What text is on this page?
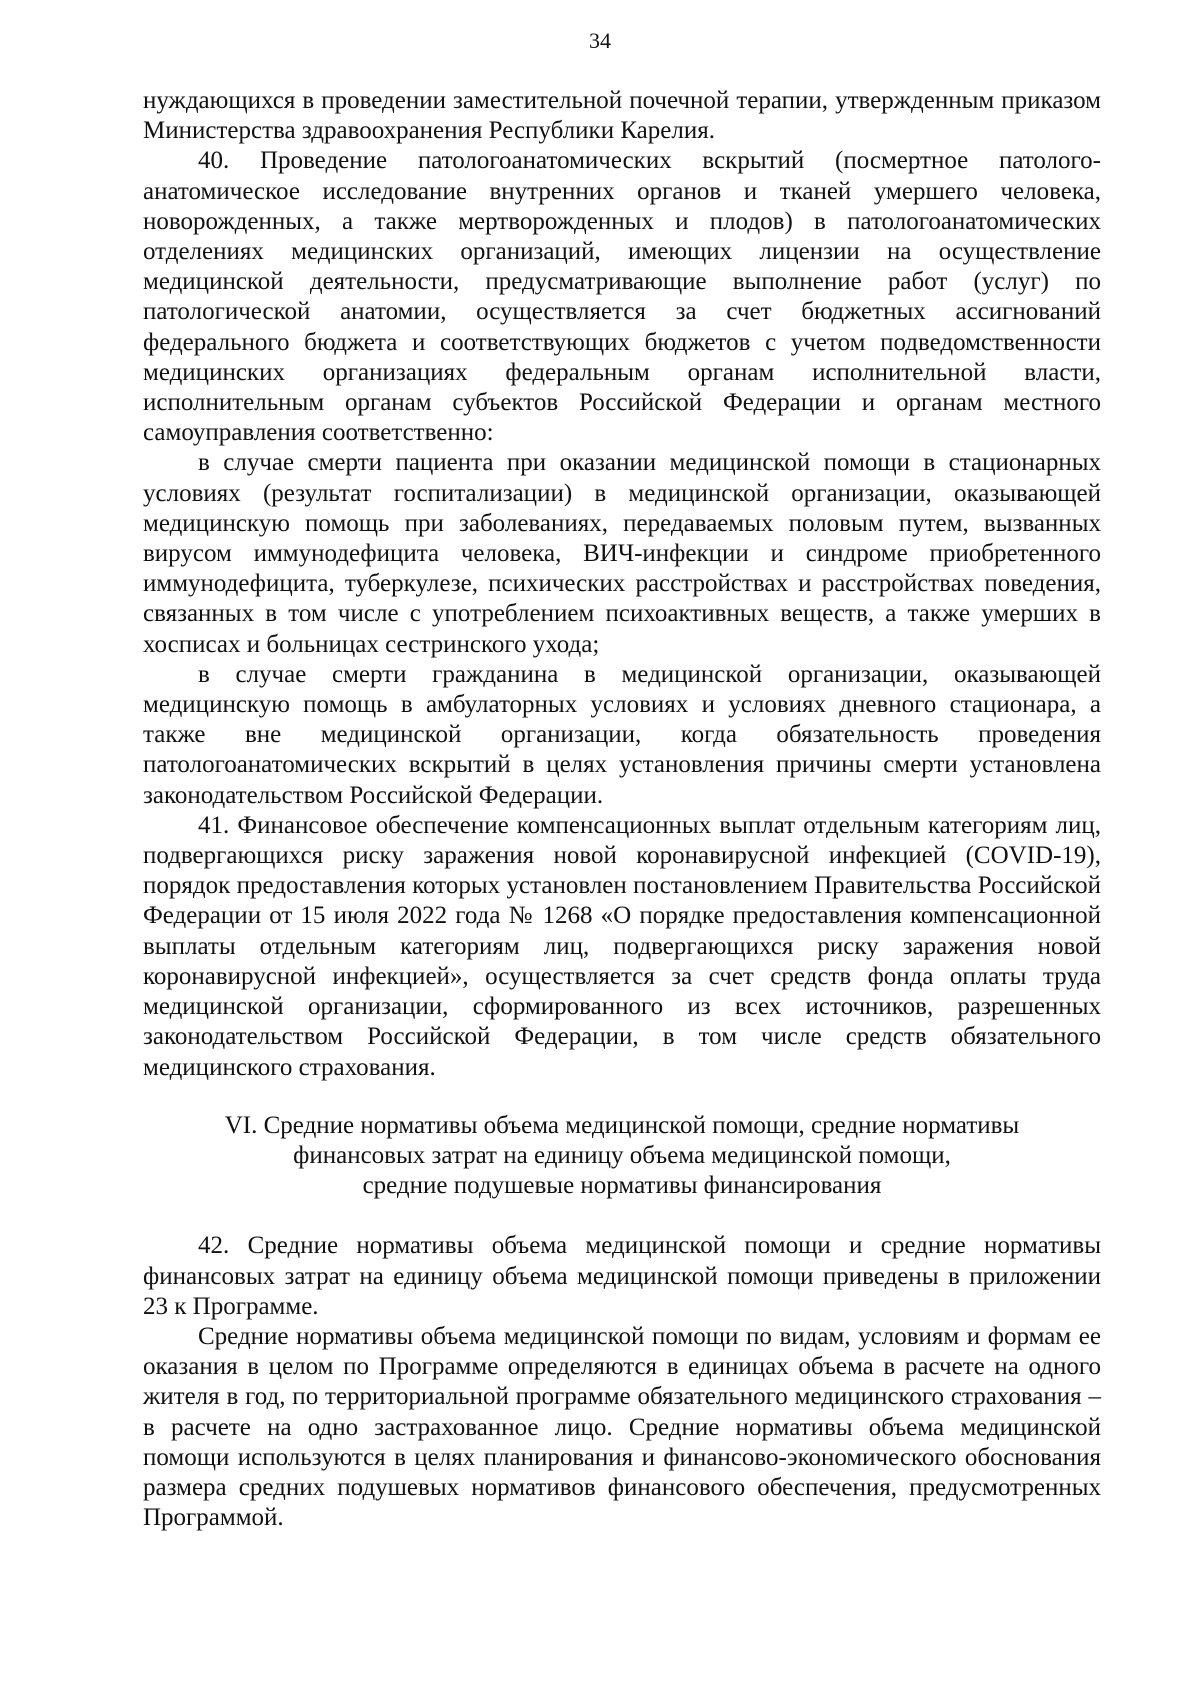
34

нуждающихся в проведении заместительной почечной терапии, утвержденным приказом Министерства здравоохранения Республики Карелия.

40. Проведение патологоанатомических вскрытий (посмертное патолого-анатомическое исследование внутренних органов и тканей умершего человека, новорожденных, а также мертворожденных и плодов) в патологоанатомических отделениях медицинских организаций, имеющих лицензии на осуществление медицинской деятельности, предусматривающие выполнение работ (услуг) по патологической анатомии, осуществляется за счет бюджетных ассигнований федерального бюджета и соответствующих бюджетов с учетом подведомственности медицинских организациях федеральным органам исполнительной власти, исполнительным органам субъектов Российской Федерации и органам местного самоуправления соответственно:

в случае смерти пациента при оказании медицинской помощи в стационарных условиях (результат госпитализации) в медицинской организации, оказывающей медицинскую помощь при заболеваниях, передаваемых половым путем, вызванных вирусом иммунодефицита человека, ВИЧ-инфекции и синдроме приобретенного иммунодефицита, туберкулезе, психических расстройствах и расстройствах поведения, связанных в том числе с употреблением психоактивных веществ, а также умерших в хосписах и больницах сестринского ухода;

в случае смерти гражданина в медицинской организации, оказывающей медицинскую помощь в амбулаторных условиях и условиях дневного стационара, а также вне медицинской организации, когда обязательность проведения патологоанатомических вскрытий в целях установления причины смерти установлена законодательством Российской Федерации.

41. Финансовое обеспечение компенсационных выплат отдельным категориям лиц, подвергающихся риску заражения новой коронавирусной инфекцией (COVID-19), порядок предоставления которых установлен постановлением Правительства Российской Федерации от 15 июля 2022 года № 1268 «О порядке предоставления компенсационной выплаты отдельным категориям лиц, подвергающихся риску заражения новой коронавирусной инфекцией», осуществляется за счет средств фонда оплаты труда медицинской организации, сформированного из всех источников, разрешенных законодательством Российской Федерации, в том числе средств обязательного медицинского страхования.

VI. Средние нормативы объема медицинской помощи, средние нормативы
финансовых затрат на единицу объема медицинской помощи,
средние подушевые нормативы финансирования

42. Средние нормативы объема медицинской помощи и средние нормативы финансовых затрат на единицу объема медицинской помощи приведены в приложении 23 к Программе.

Средние нормативы объема медицинской помощи по видам, условиям и формам ее оказания в целом по Программе определяются в единицах объема в расчете на одного жителя в год, по территориальной программе обязательного медицинского страхования – в расчете на одно застрахованное лицо. Средние нормативы объема медицинской помощи используются в целях планирования и финансово-экономического обоснования размера средних подушевых нормативов финансового обеспечения, предусмотренных Программой.
